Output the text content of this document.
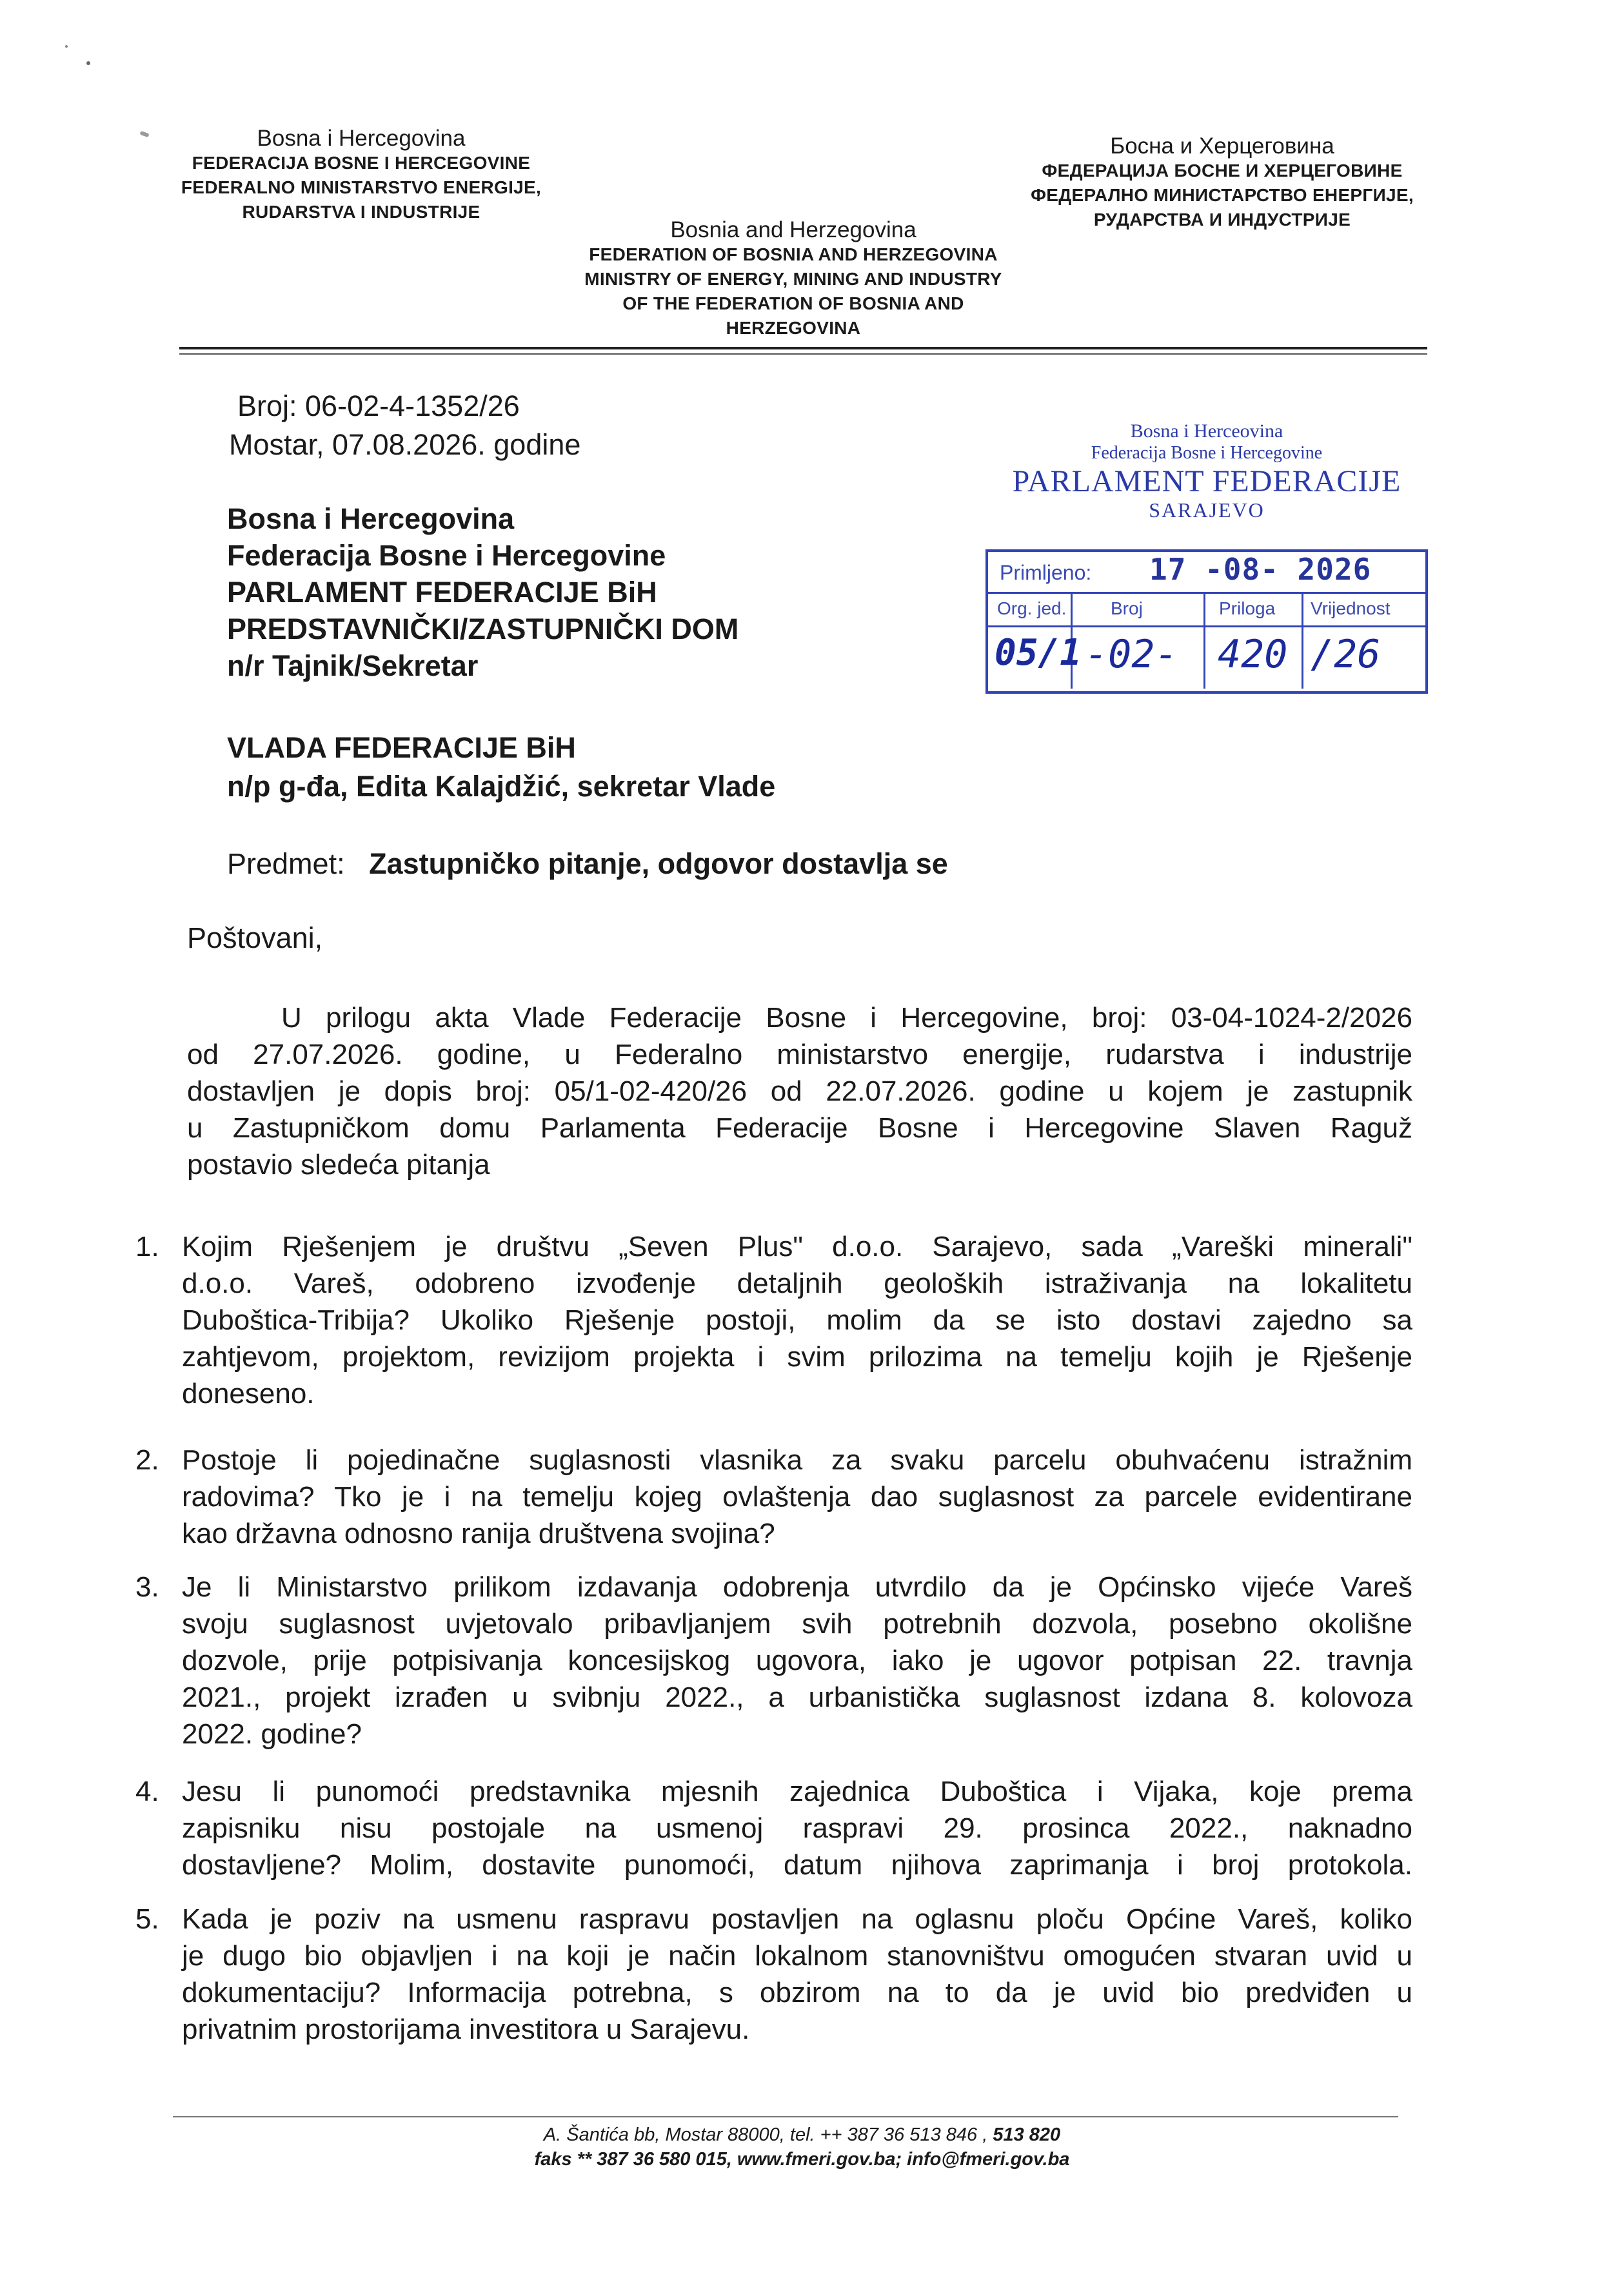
Bosna i Hercegovina
FEDERACIJA BOSNE I HERCEGOVINE
FEDERALNO MINISTARSTVO ENERGIJE,
RUDARSTVA I INDUSTRIJE
Bosnia and Herzegovina
FEDERATION OF BOSNIA AND HERZEGOVINA
MINISTRY OF ENERGY, MINING AND INDUSTRY
OF THE FEDERATION OF BOSNIA AND
HERZEGOVINA
Босна и Херцеговина
ФЕДЕРАЦИЈА БОСНЕ И ХЕРЦЕГОВИНЕ
ФЕДЕРАЛНО МИНИСТАРСТВО ЕНЕРГИЈЕ,
РУДАРСТВА И ИНДУСТРИЈЕ
Broj: 06-02-4-1352/26
Mostar, 07.08.2026. godine
Bosna i Hercegovina
Federacija Bosne i Hercegovine
PARLAMENT FEDERACIJE BiH
PREDSTAVNIČKI/ZASTUPNIČKI DOM
n/r Tajnik/Sekretar
VLADA FEDERACIJE BiH
n/p g-đa, Edita Kalajdžić, sekretar Vlade
Predmet: Zastupničko pitanje, odgovor dostavlja se
Poštovani,
U prilogu akta Vlade Federacije Bosne i Hercegovine, broj: 03-04-1024-2/2026
od 27.07.2026. godine, u Federalno ministarstvo energije, rudarstva i industrije
dostavljen je dopis broj: 05/1-02-420/26 od 22.07.2026. godine u kojem je zastupnik
u Zastupničkom domu Parlamenta Federacije Bosne i Hercegovine Slaven Raguž
postavio sledeća pitanja
1. Kojim Rješenjem je društvu „Seven Plus" d.o.o. Sarajevo, sada „Vareški minerali"
d.o.o. Vareš, odobreno izvođenje detaljnih geoloških istraživanja na lokalitetu
Duboštica-Tribija? Ukoliko Rješenje postoji, molim da se isto dostavi zajedno sa
zahtjevom, projektom, revizijom projekta i svim prilozima na temelju kojih je Rješenje
doneseno.
2. Postoje li pojedinačne suglasnosti vlasnika za svaku parcelu obuhvaćenu istražnim
radovima? Tko je i na temelju kojeg ovlaštenja dao suglasnost za parcele evidentirane
kao državna odnosno ranija društvena svojina?
3. Je li Ministarstvo prilikom izdavanja odobrenja utvrdilo da je Općinsko vijeće Vareš
svoju suglasnost uvjetovalo pribavljanjem svih potrebnih dozvola, posebno okolišne
dozvole, prije potpisivanja koncesijskog ugovora, iako je ugovor potpisan 22. travnja
2021., projekt izrađen u svibnju 2022., a urbanistička suglasnost izdana 8. kolovoza
2022. godine?
4. Jesu li punomoći predstavnika mjesnih zajednica Duboštica i Vijaka, koje prema
zapisniku nisu postojale na usmenoj raspravi 29. prosinca 2022., naknadno
dostavljene? Molim, dostavite punomoći, datum njihova zaprimanja i broj protokola.
5. Kada je poziv na usmenu raspravu postavljen na oglasnu ploču Općine Vareš, koliko
je dugo bio objavljen i na koji je način lokalnom stanovništvu omogućen stvaran uvid u
dokumentaciju? Informacija potrebna, s obzirom na to da je uvid bio predviđen u
privatnim prostorijama investitora u Sarajevu.
Bosna i Herceovina
Federacija Bosne i Hercegovine
PARLAMENT FEDERACIJE
SARAJEVO
Primljeno: 17 -08- 2026
Org. jed. Broj	Priloga Vrijednost
05/1 -02- 420 /26
A. Šantića bb, Mostar 88000, tel. ++ 387 36 513 846 , 513 820
faks ** 387 36 580 015, www.fmeri.gov.ba; info@fmeri.gov.ba
